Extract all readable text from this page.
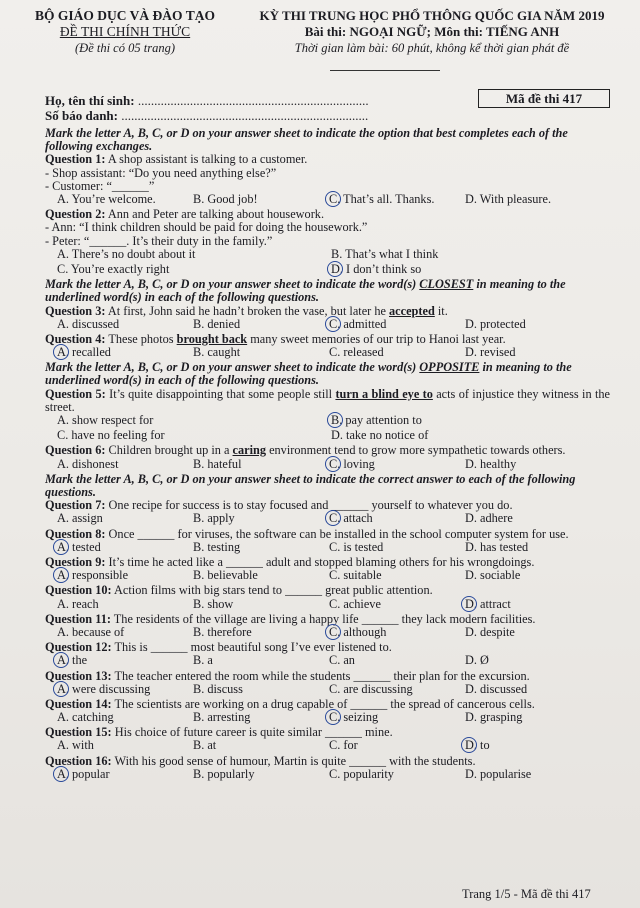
BỘ GIÁO DỤC VÀ ĐÀO TẠO
ĐỀ THI CHÍNH THỨC
(Đề thi có 05 trang)
KỲ THI TRUNG HỌC PHỔ THÔNG QUỐC GIA NĂM 2019
Bài thi: NGOẠI NGỮ; Môn thi: TIẾNG ANH
Thời gian làm bài: 60 phút, không kể thời gian phát đề
Họ, tên thí sinh: .......................................................................
Số báo danh: ............................................................................
Mã đề thi 417
Mark the letter A, B, C, or D on your answer sheet to indicate the option that best completes each of the following exchanges.
Question 1: A shop assistant is talking to a customer.
- Shop assistant: “Do you need anything else?”
- Customer: “______”
A. You’re welcome.	B. Good job!	C. That’s all. Thanks. D. With pleasure.
Question 2: Ann and Peter are talking about housework.
- Ann: “I think children should be paid for doing the housework.”
- Peter: “______. It’s their duty in the family.”
A. There’s no doubt about it	B. That’s what I think
C. You’re exactly right	D. I don’t think so
Mark the letter A, B, C, or D on your answer sheet to indicate the word(s) CLOSEST in meaning to the underlined word(s) in each of the following questions.
Question 3: At first, John said he hadn’t broken the vase, but later he accepted it.
A. discussed	B. denied	C. admitted	D. protected
Question 4: These photos brought back many sweet memories of our trip to Hanoi last year.
A. recalled	B. caught	C. released	D. revised
Mark the letter A, B, C, or D on your answer sheet to indicate the word(s) OPPOSITE in meaning to the underlined word(s) in each of the following questions.
Question 5: It’s quite disappointing that some people still turn a blind eye to acts of injustice they witness in the street.
A. show respect for	B. pay attention to
C. have no feeling for	D. take no notice of
Question 6: Children brought up in a caring environment tend to grow more sympathetic towards others.
A. dishonest	B. hateful	C. loving	D. healthy
Mark the letter A, B, C, or D on your answer sheet to indicate the correct answer to each of the following questions.
Question 7: One recipe for success is to stay focused and ______ yourself to whatever you do.
A. assign	B. apply	C. attach	D. adhere
Question 8: Once ______ for viruses, the software can be installed in the school computer system for use.
A. tested	B. testing	C. is tested	D. has tested
Question 9: It’s time he acted like a ______ adult and stopped blaming others for his wrongdoings.
A. responsible	B. believable	C. suitable	D. sociable
Question 10: Action films with big stars tend to ______ great public attention.
A. reach	B. show	C. achieve	D. attract
Question 11: The residents of the village are living a happy life ______ they lack modern facilities.
A. because of	B. therefore	C. although	D. despite
Question 12: This is ______ most beautiful song I’ve ever listened to.
A. the	B. a	C. an	D. Ø
Question 13: The teacher entered the room while the students ______ their plan for the excursion.
A. were discussing	B. discuss	C. are discussing	D. discussed
Question 14: The scientists are working on a drug capable of ______ the spread of cancerous cells.
A. catching	B. arresting	C. seizing	D. grasping
Question 15: His choice of future career is quite similar ______ mine.
A. with	B. at	C. for	D. to
Question 16: With his good sense of humour, Martin is quite ______ with the students.
A. popular	B. popularly	C. popularity	D. popularise
Trang 1/5 - Mã đề thi 417
